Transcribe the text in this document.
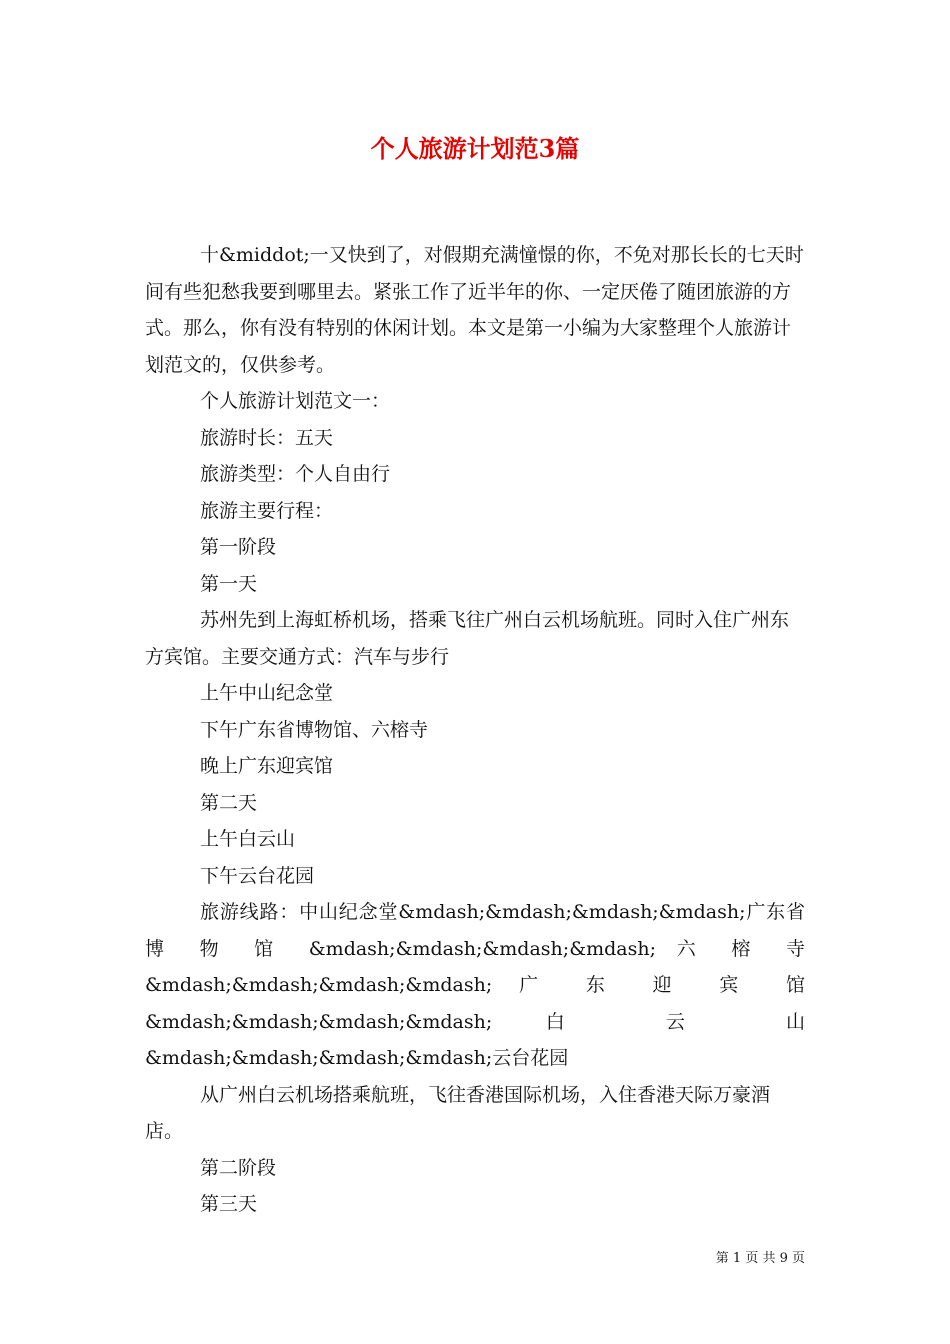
个人旅游计划范3篇

十&middot;一又快到了，对假期充满憧憬的你，不免对那长长的七天时间有些犯愁我要到哪里去。紧张工作了近半年的你、一定厌倦了随团旅游的方式。那么，你有没有特别的休闲计划。本文是第一小编为大家整理个人旅游计划范文的，仅供参考。

个人旅游计划范文一：

旅游时长：五天

旅游类型：个人自由行

旅游主要行程：

第一阶段

第一天

苏州先到上海虹桥机场，搭乘飞往广州白云机场航班。同时入住广州东方宾馆。主要交通方式：汽车与步行

上午中山纪念堂

下午广东省博物馆、六榕寺

晚上广东迎宾馆

第二天

上午白云山

下午云台花园

旅游线路：中山纪念堂&mdash;&mdash;&mdash;&mdash;广东省

博 物 馆 &mdash;&mdash;&mdash;&mdash; 六 榕 寺

&mdash;&mdash;&mdash;&mdash; 广 东 迎 宾 馆

&mdash;&mdash;&mdash;&mdash; 白 云 山

&mdash;&mdash;&mdash;&mdash;云台花园

从广州白云机场搭乘航班，飞往香港国际机场，入住香港天际万豪酒店。

第二阶段

第三天

第 1 页 共 9 页
